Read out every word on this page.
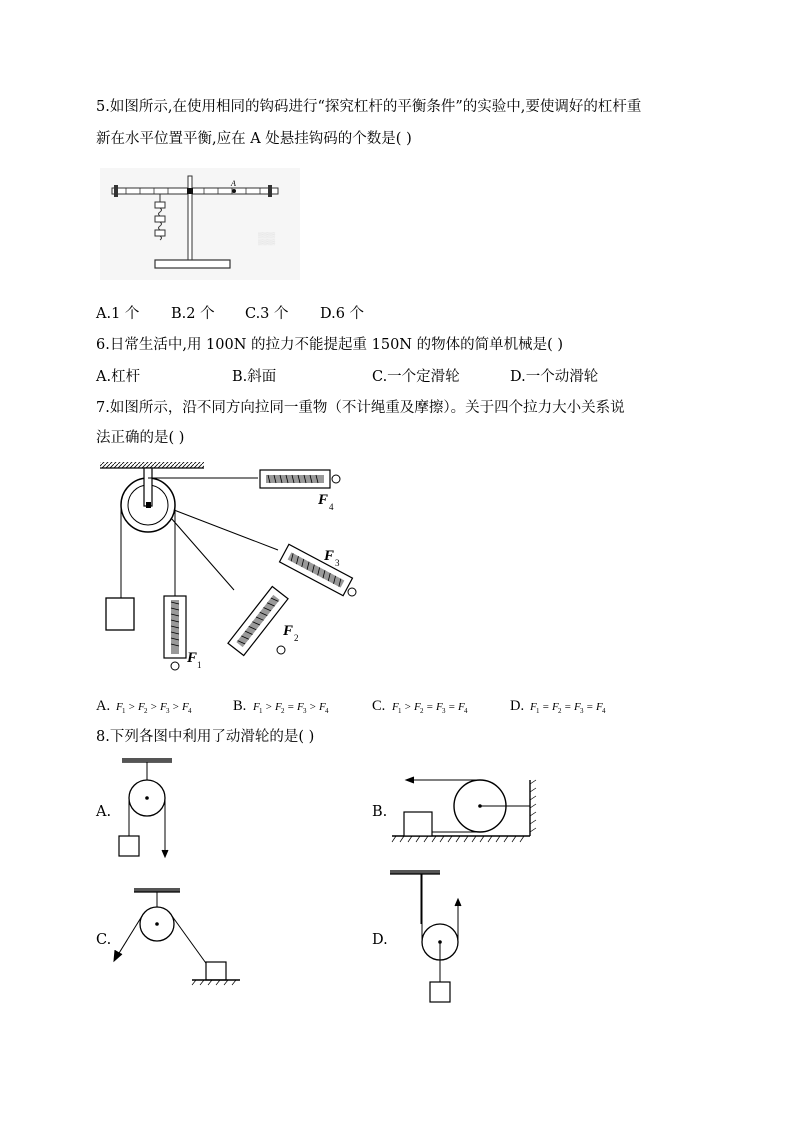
5.如图所示,在使用相同的钩码进行“探究杠杆的平衡条件”的实验中,要使调好的杠杆重
新在水平位置平衡,应在 A 处悬挂钩码的个数是( )
A
▒▒
A.1 个 B.2 个 C.3 个 D.6 个
6.日常生活中,用 100N 的拉力不能提起重 150N 的物体的简单机械是( )
A.杠杆	B.斜面	C.一个定滑轮	D.一个动滑轮
7.如图所示，沿不同方向拉同一重物（不计绳重及摩擦）。关于四个拉力大小关系说
法正确的是( )
F 1
F 2
F 3
F 4
A. F 1 > F 2 > F 3 > F 4	B. F 1 > F 2 = F 3 > F 4	C. F 1 > F 2 = F 3 = F 4	D. F 1 = F 2 = F 3 = F 4
8.下列各图中利用了动滑轮的是( )
A.	B.
C.	D.
